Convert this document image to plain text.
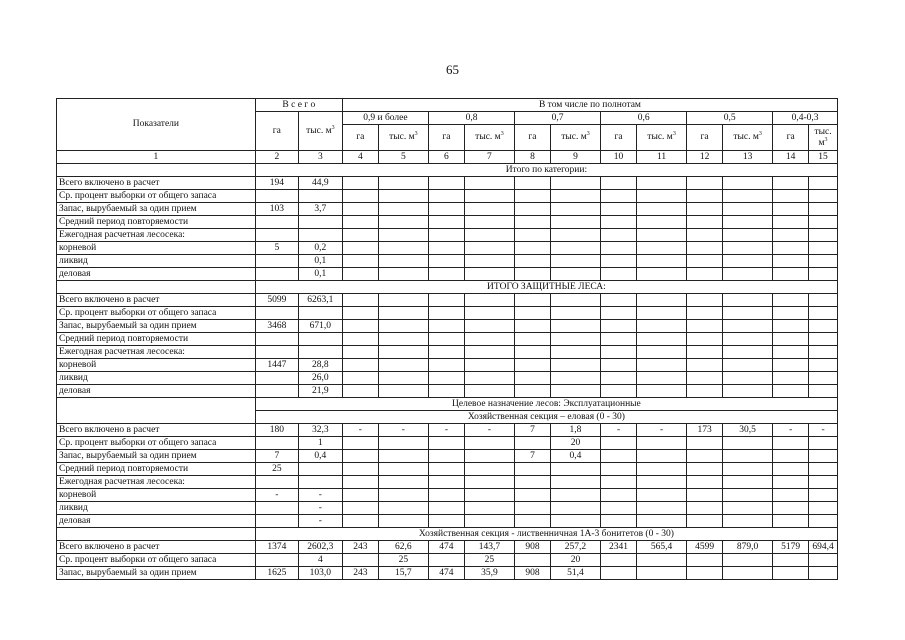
65
Показатели	В с е г о		В том числе по полнотам											
	га	тыс. $м^3$	0,9 и более		0,8		0,7		0,6		0,5		0,4-0,3	
			га	тыс. $м^3$	га	тыс. $м^3$	га	тыс. $м^3$	га	тыс. $м^3$	га	тыс. $м^3$	га	тыс. $м^3$
1	2	3	4	5	6	7	8	9	10	11	12	13	14	15
	Итого по категории:													
Всего включено в расчет	194	44,9												
Ср. процент выборки от общего запаса														
Запас, вырубаемый за один прием	103	3,7												
Средний период повторяемости														
Ежегодная расчетная лесосека:														
корневой	5	0,2												
ликвид		0,1												
деловая		0,1												
	ИТОГО ЗАЩИТНЫЕ ЛЕСА:													
Всего включено в расчет	5099	6263,1												
Ср. процент выборки от общего запаса														
Запас, вырубаемый за один прием	3468	671,0												
Средний период повторяемости														
Ежегодная расчетная лесосека:														
корневой	1447	28,8												
ликвид		26,0												
деловая		21,9												
	Целевое назначение лесов: Эксплуатационные													
	Хозяйственная секция – еловая (0 - 30)													
Всего включено в расчет	180	32,3	-	-	-	-	7	1,8	-	-	173	30,5	-	-
Ср. процент выборки от общего запаса		1						20						
Запас, вырубаемый за один прием	7	0,4					7	0,4						
Средний период повторяемости	25													
Ежегодная расчетная лесосека:														
корневой	-	-												
ликвид		-												
деловая		-												
	Хозяйственная секция - лиственничная 1А-3 бонитетов (0 - 30)													
Всего включено в расчет	1374	2602,3	243	62,6	474	143,7	908	257,2	2341	565,4	4599	879,0	5179	694,4
Ср. процент выборки от общего запаса		4		25		25		20						
Запас, вырубаемый за один прием	1625	103,0	243	15,7	474	35,9	908	51,4						
